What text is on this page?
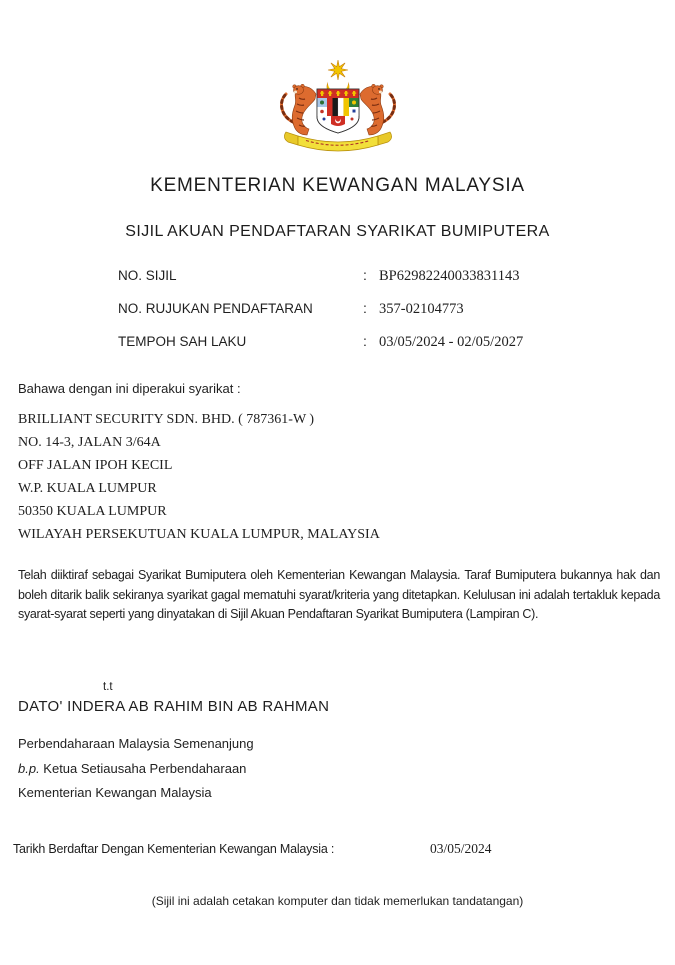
KEMENTERIAN KEWANGAN MALAYSIA
SIJIL AKUAN PENDAFTARAN SYARIKAT BUMIPUTERA
NO. SIJIL	: BP62982240033831143
NO. RUJUKAN PENDAFTARAN	: 357-02104773
TEMPOH SAH LAKU	: 03/05/2024 - 02/05/2027
Bahawa dengan ini diperakui syarikat :
BRILLIANT SECURITY SDN. BHD. ( 787361-W )
NO. 14-3, JALAN 3/64A
OFF JALAN IPOH KECIL
W.P. KUALA LUMPUR
50350 KUALA LUMPUR
WILAYAH PERSEKUTUAN KUALA LUMPUR, MALAYSIA
Telah diiktiraf sebagai Syarikat Bumiputera oleh Kementerian Kewangan Malaysia. Taraf Bumiputera bukannya hak dan boleh ditarik balik sekiranya syarikat gagal mematuhi syarat/kriteria yang ditetapkan. Kelulusan ini adalah tertakluk kepada syarat-syarat seperti yang dinyatakan di Sijil Akuan Pendaftaran Syarikat Bumiputera (Lampiran C).
t.t
DATO' INDERA AB RAHIM BIN AB RAHMAN
Perbendaharaan Malaysia Semenanjung
b.p. Ketua Setiausaha Perbendaharaan
Kementerian Kewangan Malaysia
Tarikh Berdaftar Dengan Kementerian Kewangan Malaysia :	03/05/2024
(Sijil ini adalah cetakan komputer dan tidak memerlukan tandatangan)
